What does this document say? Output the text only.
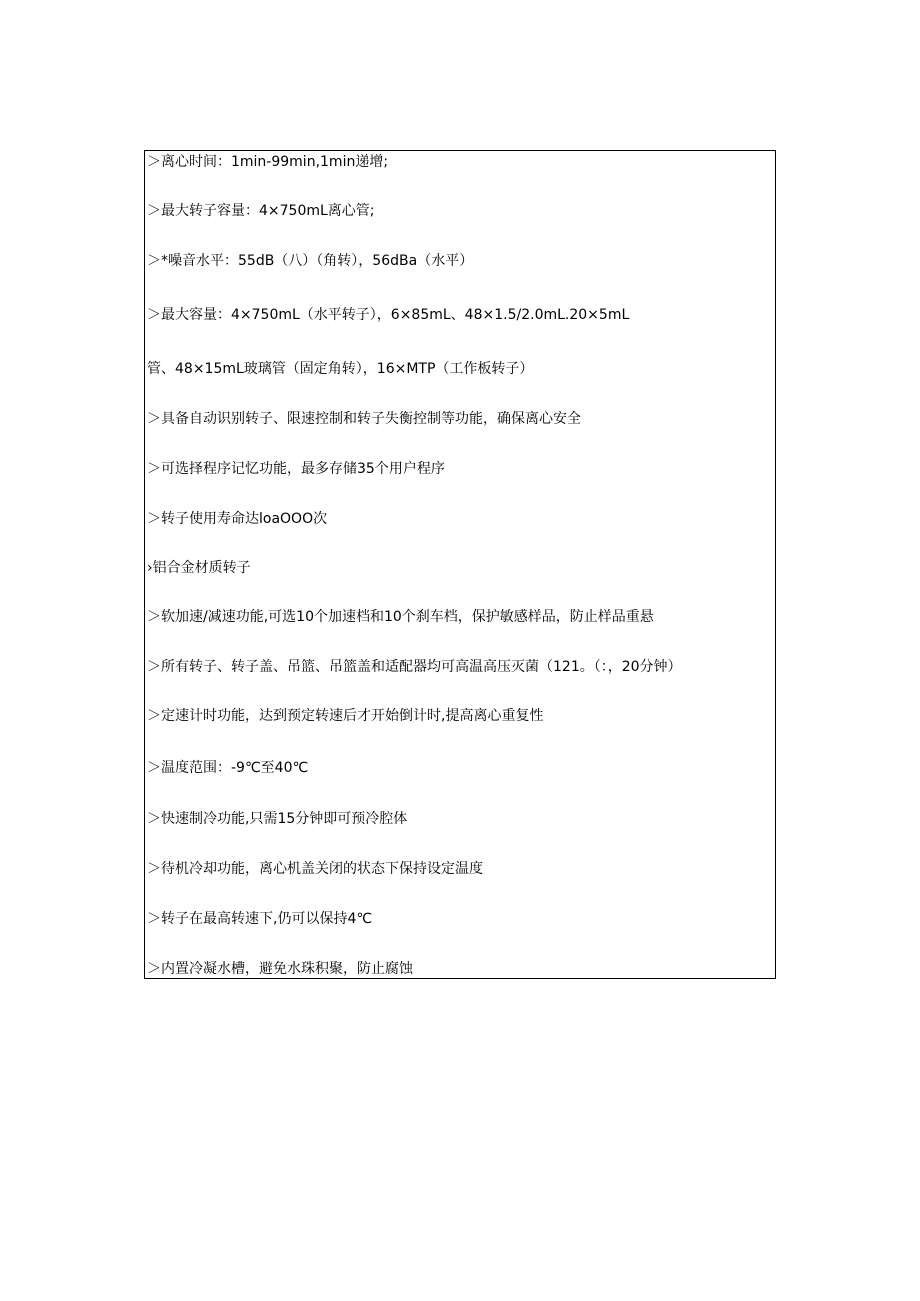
＞离心时间：1min-99min,1min递增;

＞最大转子容量：4×750mL离心管;

＞*噪音水平：55dB（八）（角转），56dBa（水平）

＞最大容量：4×750mL（水平转子），6×85mL、48×1.5/2.0mL.20×5mL

管、48×15mL玻璃管（固定角转），16×MTP（工作板转子）

＞具备自动识别转子、限速控制和转子失衡控制等功能，确保离心安全

＞可选择程序记忆功能，最多存储35个用户程序

＞转子使用寿命达loaOOO次

›铝合金材质转子

＞软加速/减速功能,可选10个加速档和10个刹车档，保护敏感样品，防止样品重悬

＞所有转子、转子盖、吊篮、吊篮盖和适配器均可高温高压灭菌（121。（：，20分钟）

＞定速计时功能，达到预定转速后才开始倒计时,提高离心重复性

＞温度范围：-9℃至40℃

＞快速制冷功能,只需15分钟即可预冷腔体

＞待机冷却功能，离心机盖关闭的状态下保持设定温度

＞转子在最高转速下,仍可以保持4℃

＞内置冷凝水槽，避免水珠积聚，防止腐蚀
